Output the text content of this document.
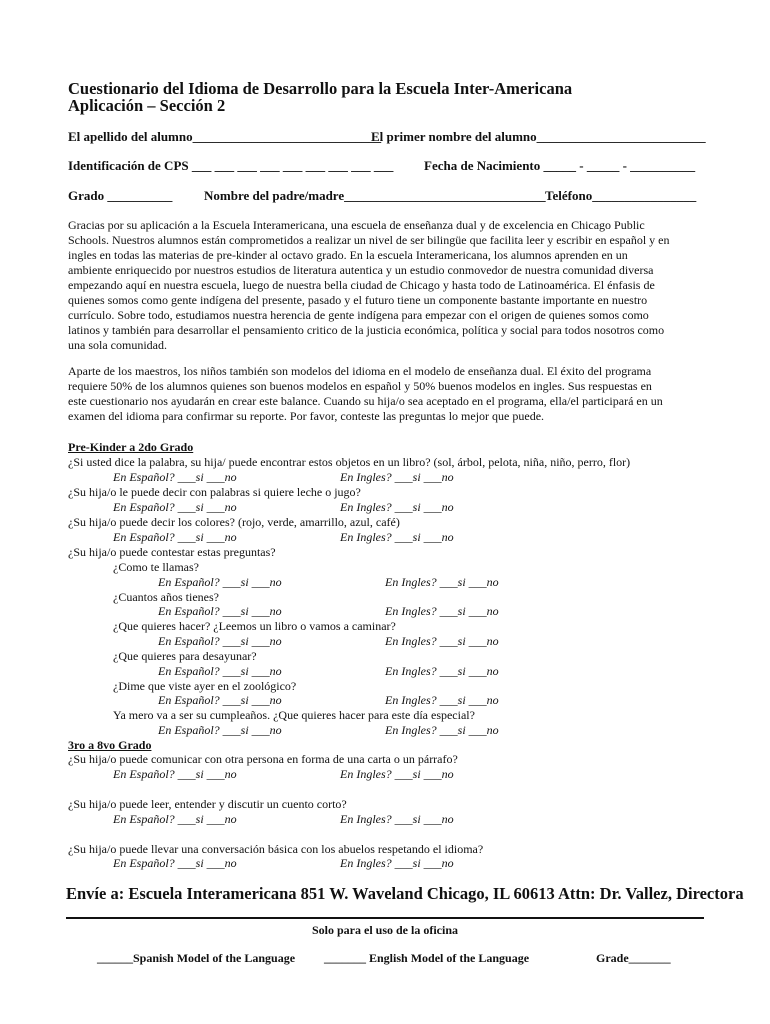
Cuestionario del Idioma de Desarrollo para la Escuela Inter-Americana
Aplicación – Sección 2
El apellido del alumno_____________________________
El primer nombre del alumno__________________________
Identificación de CPS ___ ___ ___ ___ ___ ___ ___ ___ ___ Fecha de Nacimiento _____ - _____ - __________
Grado __________ Nombre del padre/madre_______________________________ Teléfono________________
Gracias por su aplicación a la Escuela Interamericana, una escuela de enseñanza dual y de excelencia en Chicago Public
Schools. Nuestros alumnos están comprometidos a realizar un nivel de ser bilingüe que facilita leer y escribir en español y en
ingles en todas las materias de pre-kinder al octavo grado. En la escuela Interamericana, los alumnos aprenden en un
ambiente enriquecido por nuestros estudios de literatura autentica y un estudio conmovedor de nuestra comunidad diversa
empezando aquí en nuestra escuela, luego de nuestra bella ciudad de Chicago y hasta todo de Latinoamérica. El énfasis de
quienes somos como gente indígena del presente, pasado y el futuro tiene un componente bastante importante en nuestro
currículo. Sobre todo, estudiamos nuestra herencia de gente indígena para empezar con el origen de quienes somos como
latinos y también para desarrollar el pensamiento critico de la justicia económica, política y social para todos nosotros como
una sola comunidad.
Aparte de los maestros, los niños también son modelos del idioma en el modelo de enseñanza dual. El éxito del programa
requiere 50% de los alumnos quienes son buenos modelos en español y 50% buenos modelos en ingles. Sus respuestas en
este cuestionario nos ayudarán en crear este balance. Cuando su hijа/o sea aceptado en el programa, ella/el participará en un
examen del idioma para confirmar su reporte. Por favor, conteste las preguntas lo mejor que puede.
Pre-Kinder a 2do Grado
¿Si usted dice la palabra, su hija/ puede encontrar estos objetos en un libro? (sol, árbol, pelota, niña, niño, perro, flor)
En Español? ___si ___no	En Ingles? ___si ___no
¿Su hija/o le puede decir con palabras si quiere leche o jugo?
En Español? ___si ___no	En Ingles? ___si ___no
¿Su hija/o puede decir los colores? (rojo, verde, amarrillo, azul, café)
En Español? ___si ___no	En Ingles? ___si ___no
¿Su hija/o puede contestar estas preguntas?
¿Como te llamas?
En Español? ___si ___no	En Ingles? ___si ___no
¿Cuantos años tienes?
En Español? ___si ___no	En Ingles? ___si ___no
¿Que quieres hacer? ¿Leemos un libro o vamos a caminar?
En Español? ___si ___no	En Ingles? ___si ___no
¿Que quieres para desayunar?
En Español? ___si ___no	En Ingles? ___si ___no
¿Dime que viste ayer en el zoológico?
En Español? ___si ___no	En Ingles? ___si ___no
Ya mero va a ser su cumpleaños. ¿Que quieres hacer para este día especial?
En Español? ___si ___no	En Ingles? ___si ___no
3ro a 8vo Grado
¿Su hija/o puede comunicar con otra persona en forma de una carta o un párrafo?
En Español? ___si ___no	En Ingles? ___si ___no
¿Su hija/o puede leer, entender y discutir un cuento corto?
En Español? ___si ___no	En Ingles? ___si ___no
¿Su hija/o puede llevar una conversación básica con los abuelos respetando el idioma?
En Español? ___si ___no	En Ingles? ___si ___no
Envíe a: Escuela Interamericana 851 W. Waveland Chicago, IL 60613 Attn: Dr. Vallez, Directora
Solo para el uso de la oficina
______Spanish Model of the Language _______ English Model of the Language	Grade_______
